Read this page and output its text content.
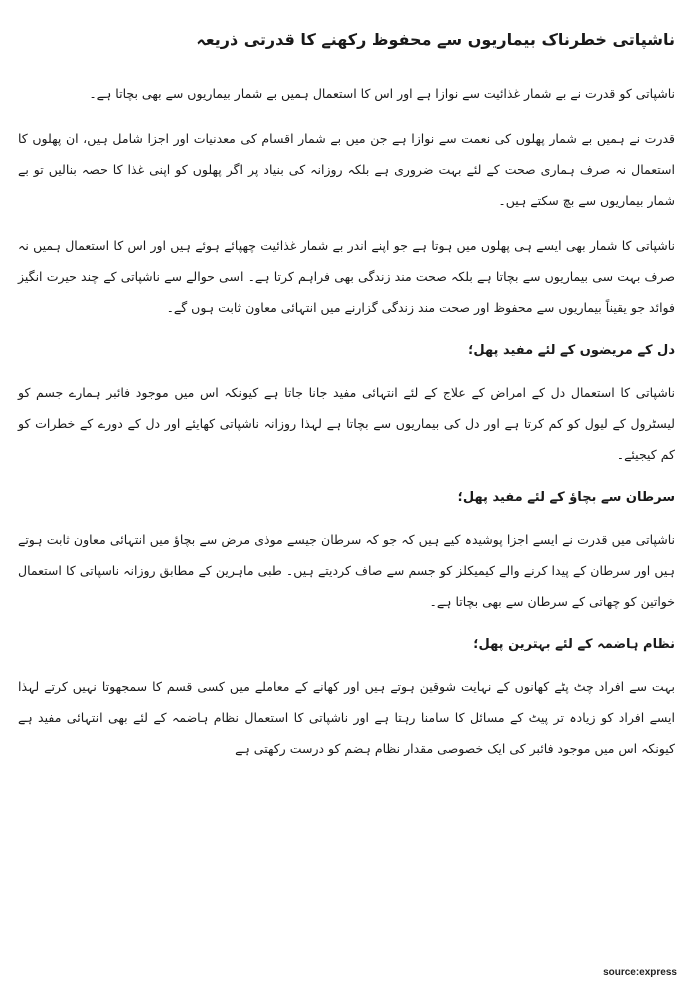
ناشپاتی خطرناک بیماریوں سے محفوظ رکھنے کا قدرتی ذریعہ

ناشپاتی کو قدرت نے بے شمار غذائیت سے نوازا ہے اور اس کا استعمال ہمیں بے شمار بیماریوں سے بھی بچاتا ہے۔

قدرت نے ہمیں بے شمار پھلوں کی نعمت سے نوازا ہے جن میں بے شمار اقسام کی معدنیات اور اجزا شامل ہیں، ان پھلوں کا استعمال نہ صرف ہماری صحت کے لئے بہت ضروری ہے بلکہ روزانہ کی بنیاد پر اگر پھلوں کو اپنی غذا کا حصہ بنالیں تو بے شمار بیماریوں سے بچ سکتے ہیں۔

ناشپاتی کا شمار بھی ایسے ہی پھلوں میں ہوتا ہے جو اپنے اندر بے شمار غذائیت چھپائے ہوئے ہیں اور اس کا استعمال ہمیں نہ صرف بہت سی بیماریوں سے بچاتا ہے بلکہ صحت مند زندگی بھی فراہم کرتا ہے۔ اسی حوالے سے ناشپاتی کے چند حیرت انگیز فوائد جو یقیناً بیماریوں سے محفوظ اور صحت مند زندگی گزارنے میں انتہائی معاون ثابت ہوں گے۔

دل کے مریضوں کے لئے مفید پھل؛

ناشپاتی کا استعمال دل کے امراض کے علاج کے لئے انتہائی مفید جانا جاتا ہے کیونکہ اس میں موجود فائبر ہمارے جسم کو لیسٹرول کے لیول کو کم کرتا ہے اور دل کی بیماریوں سے بچاتا ہے لہذا روزانہ ناشپاتی کھایئے اور دل کے دورے کے خطرات کو کم کیجیئے۔

سرطان سے بچاؤ کے لئے مفید پھل؛

ناشپاتی میں قدرت نے ایسے اجزا پوشیدہ کیے ہیں کہ جو کہ سرطان جیسے موذی مرض سے بچاؤ میں انتہائی معاون ثابت ہوتے ہیں اور سرطان کے پیدا کرنے والے کیمیکلز کو جسم سے صاف کردیتے ہیں۔ طبی ماہرین کے مطابق روزانہ ناسپاتی کا استعمال خواتین کو چھاتی کے سرطان سے بھی بچاتا ہے۔

نظام ہاضمہ کے لئے بہترین پھل؛

بہت سے افراد چٹ پٹے کھانوں کے نہایت شوقین ہوتے ہیں اور کھانے کے معاملے میں کسی قسم کا سمجھوتا نہیں کرتے لہذا ایسے افراد کو زیادہ تر پیٹ کے مسائل کا سامنا رہتا ہے اور ناشپاتی کا استعمال نظام ہاضمہ کے لئے بھی انتہائی مفید ہے کیونکہ اس میں موجود فائبر کی ایک خصوصی مقدار نظام ہضم کو درست رکھتی ہے

source:express
